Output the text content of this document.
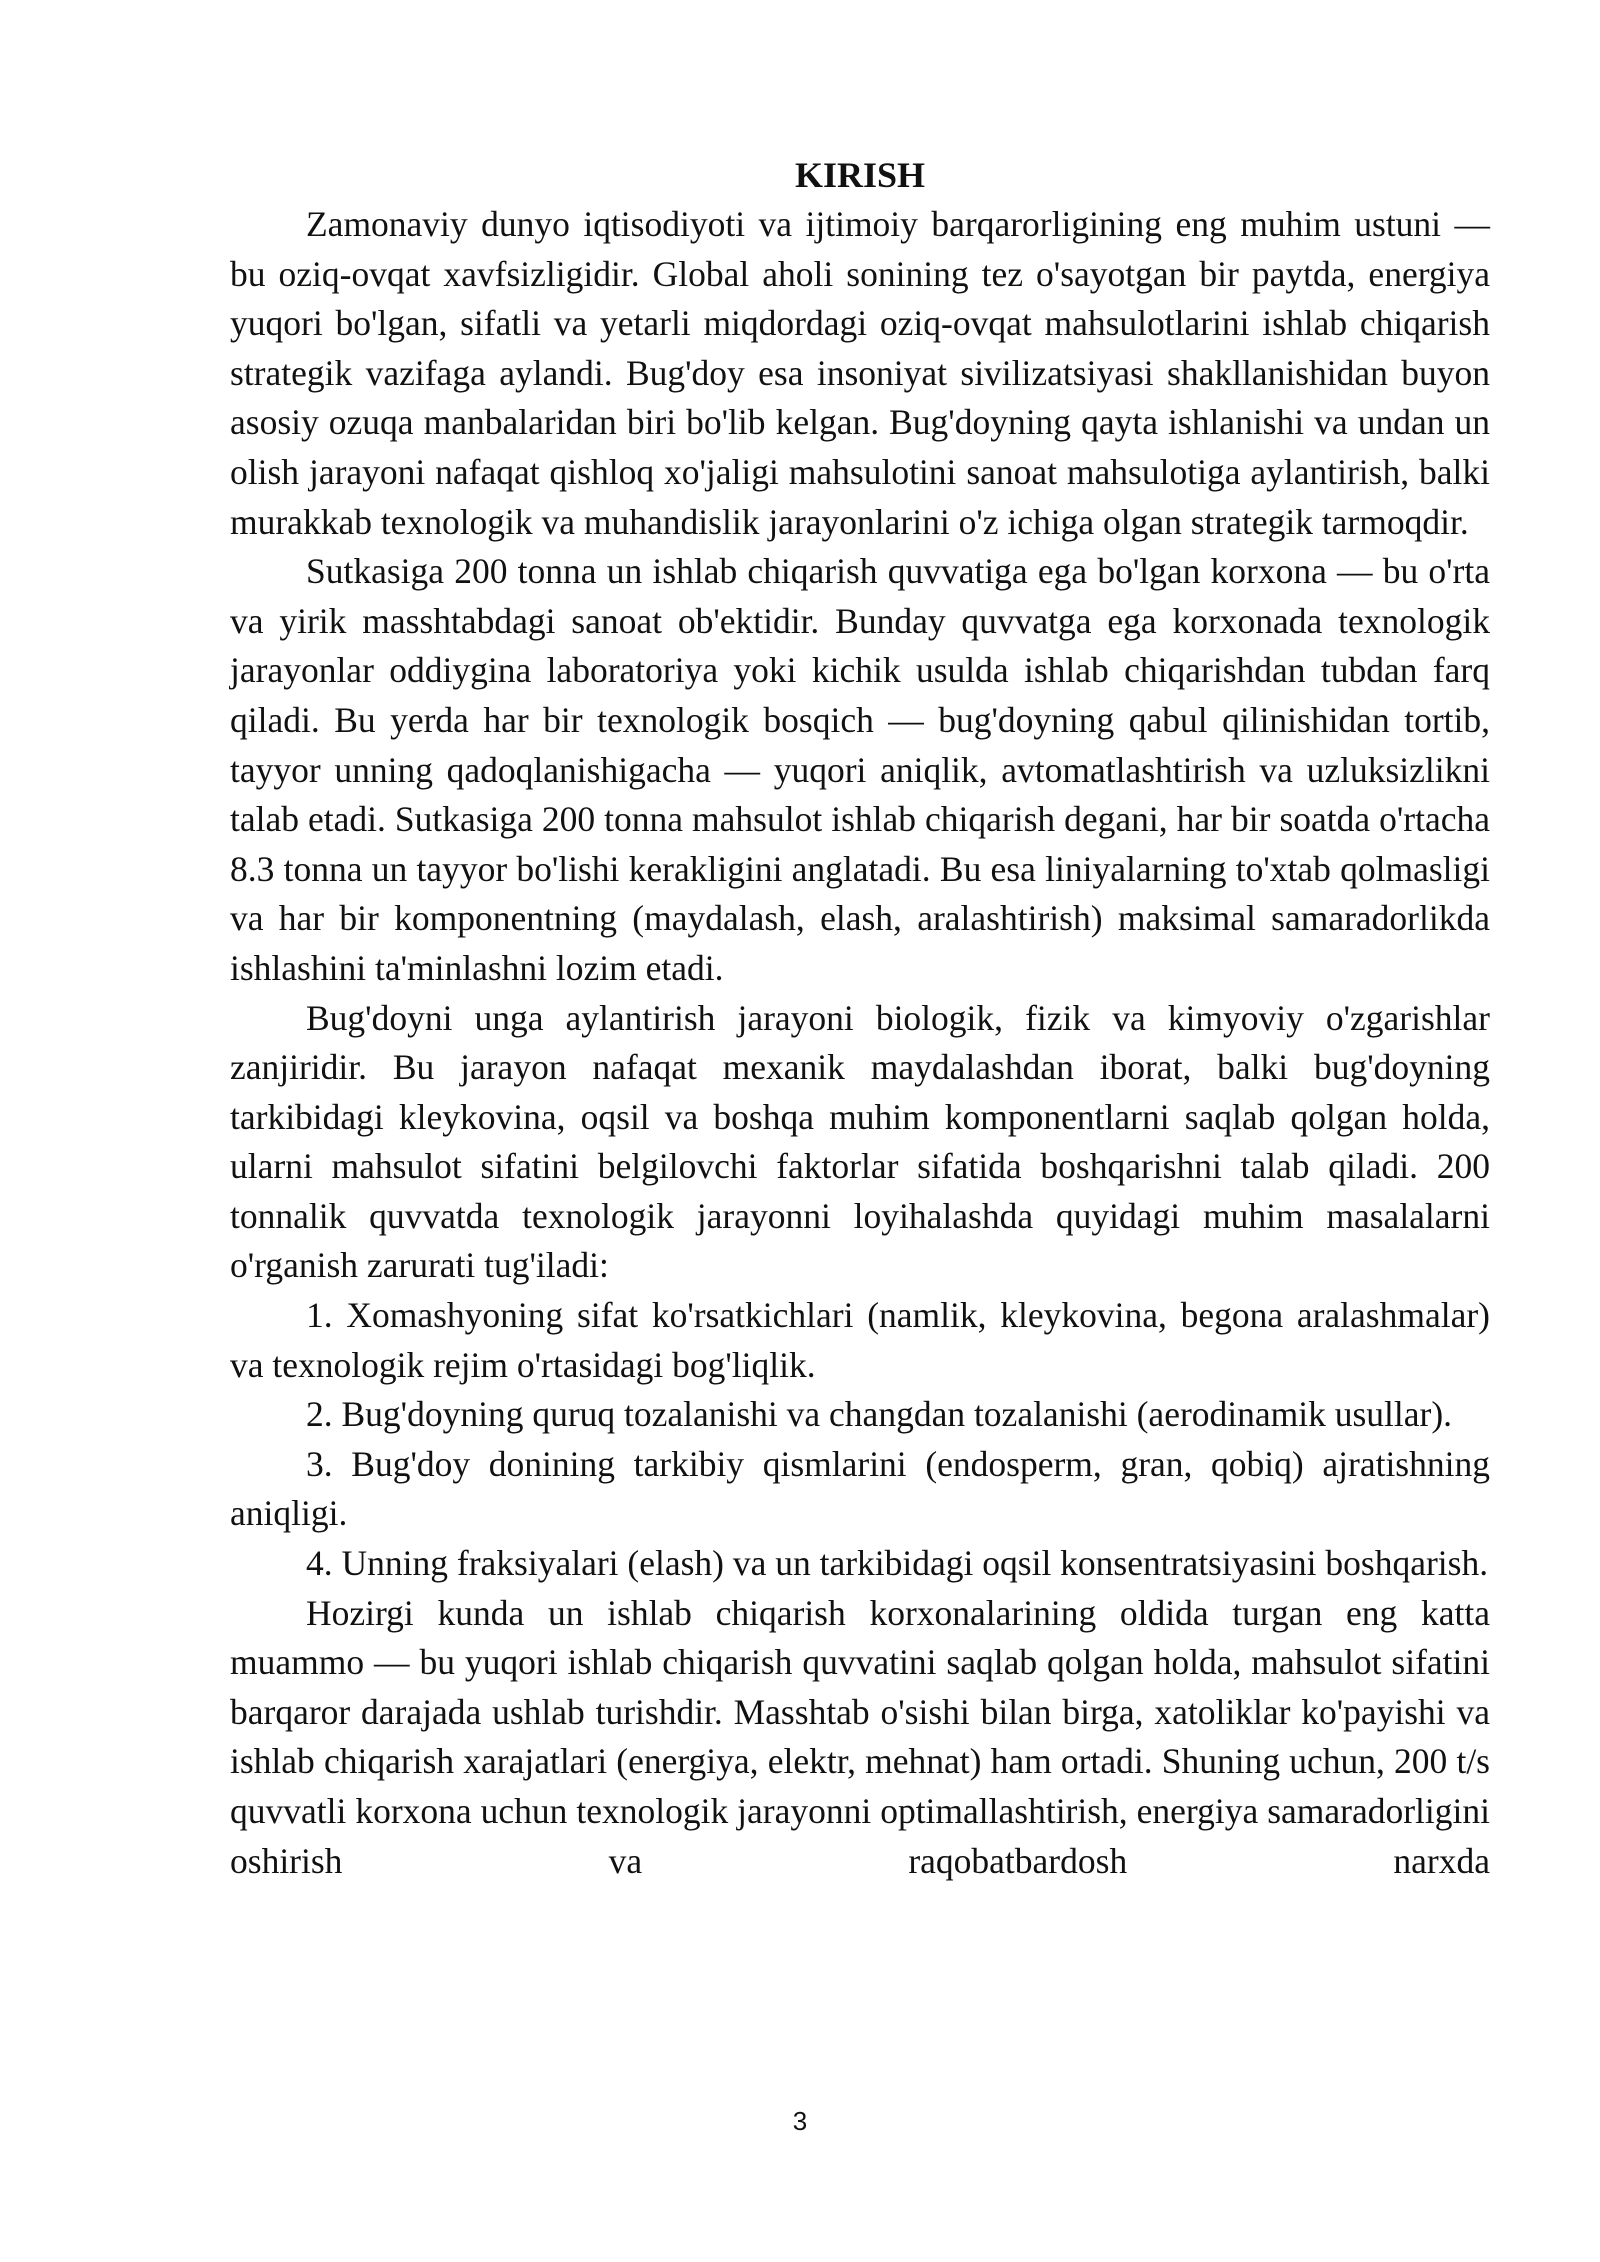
KIRISH

Zamonaviy dunyo iqtisodiyoti va ijtimoiy barqarorligining eng muhim ustuni — bu oziq-ovqat xavfsizligidir. Global aholi sonining tez o'sayotgan bir paytda, energiya yuqori bo'lgan, sifatli va yetarli miqdordagi oziq-ovqat mahsulotlarini ishlab chiqarish strategik vazifaga aylandi. Bug'doy esa insoniyat sivilizatsiyasi shakllanishidan buyon asosiy ozuqa manbalaridan biri bo'lib kelgan. Bug'doyning qayta ishlanishi va undan un olish jarayoni nafaqat qishloq xo'jaligi mahsulotini sanoat mahsulotiga aylantirish, balki murakkab texnologik va muhandislik jarayonlarini o'z ichiga olgan strategik tarmoqdir.

Sutkasiga 200 tonna un ishlab chiqarish quvvatiga ega bo'lgan korxona — bu o'rta va yirik masshtabdagi sanoat ob'ektidir. Bunday quvvatga ega korxonada texnologik jarayonlar oddiygina laboratoriya yoki kichik usulda ishlab chiqarishdan tubdan farq qiladi. Bu yerda har bir texnologik bosqich — bug'doyning qabul qilinishidan tortib, tayyor unning qadoqlanishigacha — yuqori aniqlik, avtomatlashtirish va uzluksizlikni talab etadi. Sutkasiga 200 tonna mahsulot ishlab chiqarish degani, har bir soatda o'rtacha 8.3 tonna un tayyor bo'lishi kerakligini anglatadi. Bu esa liniyalarning to'xtab qolmasligi va har bir komponentning (maydalash, elash, aralashtirish) maksimal samaradorlikda ishlashini ta'minlashni lozim etadi.

Bug'doyni unga aylantirish jarayoni biologik, fizik va kimyoviy o'zgarishlar zanjiridir. Bu jarayon nafaqat mexanik maydalashdan iborat, balki bug'doyning tarkibidagi kleykovina, oqsil va boshqa muhim komponentlarni saqlab qolgan holda, ularni mahsulot sifatini belgilovchi faktorlar sifatida boshqarishni talab qiladi. 200 tonnalik quvvatda texnologik jarayonni loyihalashda quyidagi muhim masalalarni o'rganish zarurati tug'iladi:

1. Xomashyoning sifat ko'rsatkichlari (namlik, kleykovina, begona aralashmalar) va texnologik rejim o'rtasidagi bog'liqlik.

2. Bug'doyning quruq tozalanishi va changdan tozalanishi (aerodinamik usullar).

3. Bug'doy donining tarkibiy qismlarini (endosperm, gran, qobiq) ajratishning aniqligi.

4. Unning fraksiyalari (elash) va un tarkibidagi oqsil konsentratsiyasini boshqarish.

Hozirgi kunda un ishlab chiqarish korxonalarining oldida turgan eng katta muammo — bu yuqori ishlab chiqarish quvvatini saqlab qolgan holda, mahsulot sifatini barqaror darajada ushlab turishdir. Masshtab o'sishi bilan birga, xatoliklar ko'payishi va ishlab chiqarish xarajatlari (energiya, elektr, mehnat) ham ortadi. Shuning uchun, 200 t/s quvvatli korxona uchun texnologik jarayonni optimallashtirish, energiya samaradorligini oshirish va raqobatbardosh narxda

3
